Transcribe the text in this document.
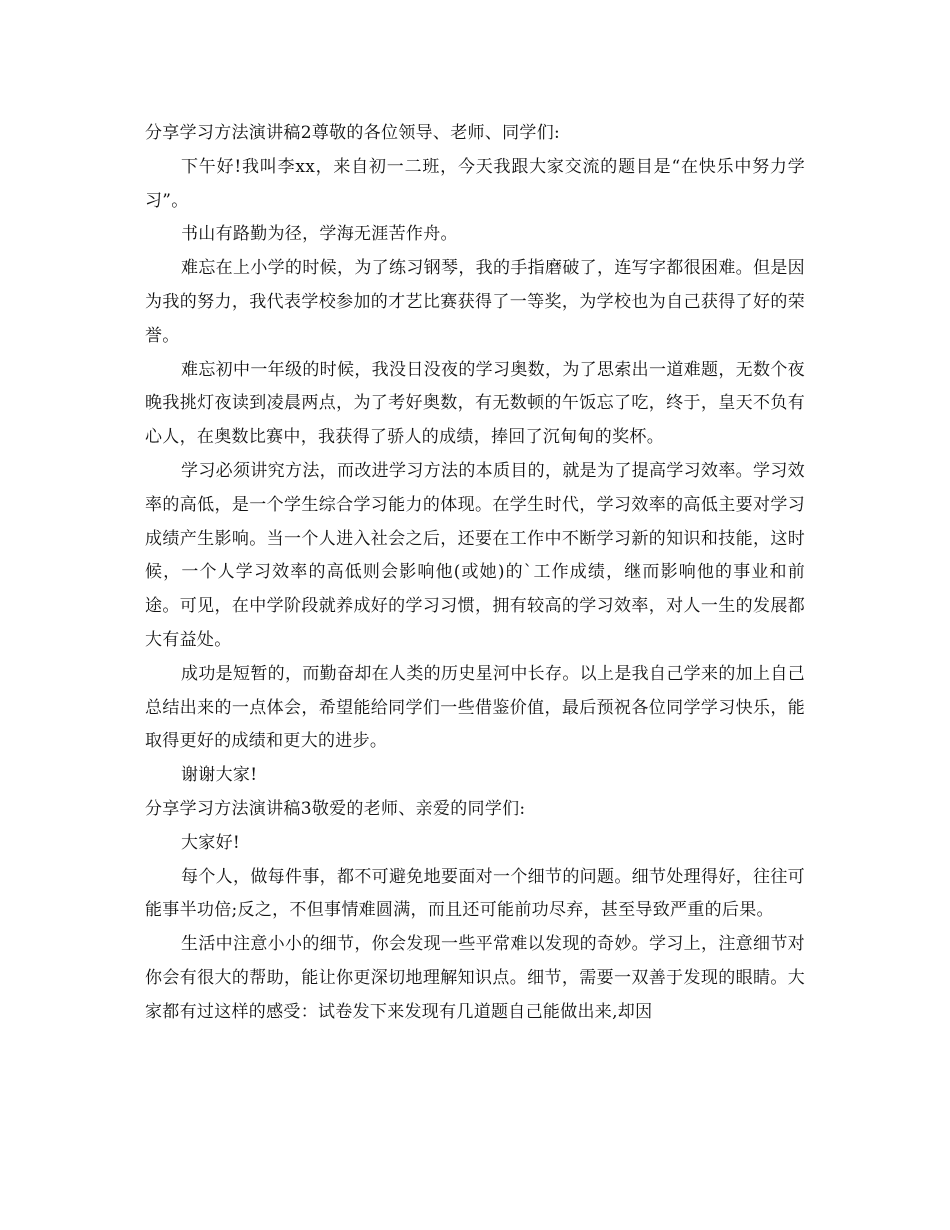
分享学习方法演讲稿2尊敬的各位领导、老师、同学们:

下午好!我叫李xx，来自初一二班，今天我跟大家交流的题目是“在快乐中努力学习”。

书山有路勤为径，学海无涯苦作舟。

难忘在上小学的时候，为了练习钢琴，我的手指磨破了，连写字都很困难。但是因为我的努力，我代表学校参加的才艺比赛获得了一等奖，为学校也为自己获得了好的荣誉。

难忘初中一年级的时候，我没日没夜的学习奥数，为了思索出一道难题，无数个夜晚我挑灯夜读到凌晨两点，为了考好奥数，有无数顿的午饭忘了吃，终于，皇天不负有心人，在奥数比赛中，我获得了骄人的成绩，捧回了沉甸甸的奖杯。

学习必须讲究方法，而改进学习方法的本质目的，就是为了提高学习效率。学习效率的高低，是一个学生综合学习能力的体现。在学生时代，学习效率的高低主要对学习成绩产生影响。当一个人进入社会之后，还要在工作中不断学习新的知识和技能，这时候，一个人学习效率的高低则会影响他(或她)的`工作成绩，继而影响他的事业和前途。可见，在中学阶段就养成好的学习习惯，拥有较高的学习效率，对人一生的发展都大有益处。

成功是短暂的，而勤奋却在人类的历史星河中长存。以上是我自己学来的加上自己总结出来的一点体会，希望能给同学们一些借鉴价值，最后预祝各位同学学习快乐，能取得更好的成绩和更大的进步。

谢谢大家!

分享学习方法演讲稿3敬爱的老师、亲爱的同学们:

大家好!

每个人，做每件事，都不可避免地要面对一个细节的问题。细节处理得好，往往可能事半功倍;反之，不但事情难圆满，而且还可能前功尽弃，甚至导致严重的后果。

生活中注意小小的细节，你会发现一些平常难以发现的奇妙。学习上，注意细节对你会有很大的帮助，能让你更深切地理解知识点。细节，需要一双善于发现的眼睛。大家都有过这样的感受：试卷发下来发现有几道题自己能做出来,却因
